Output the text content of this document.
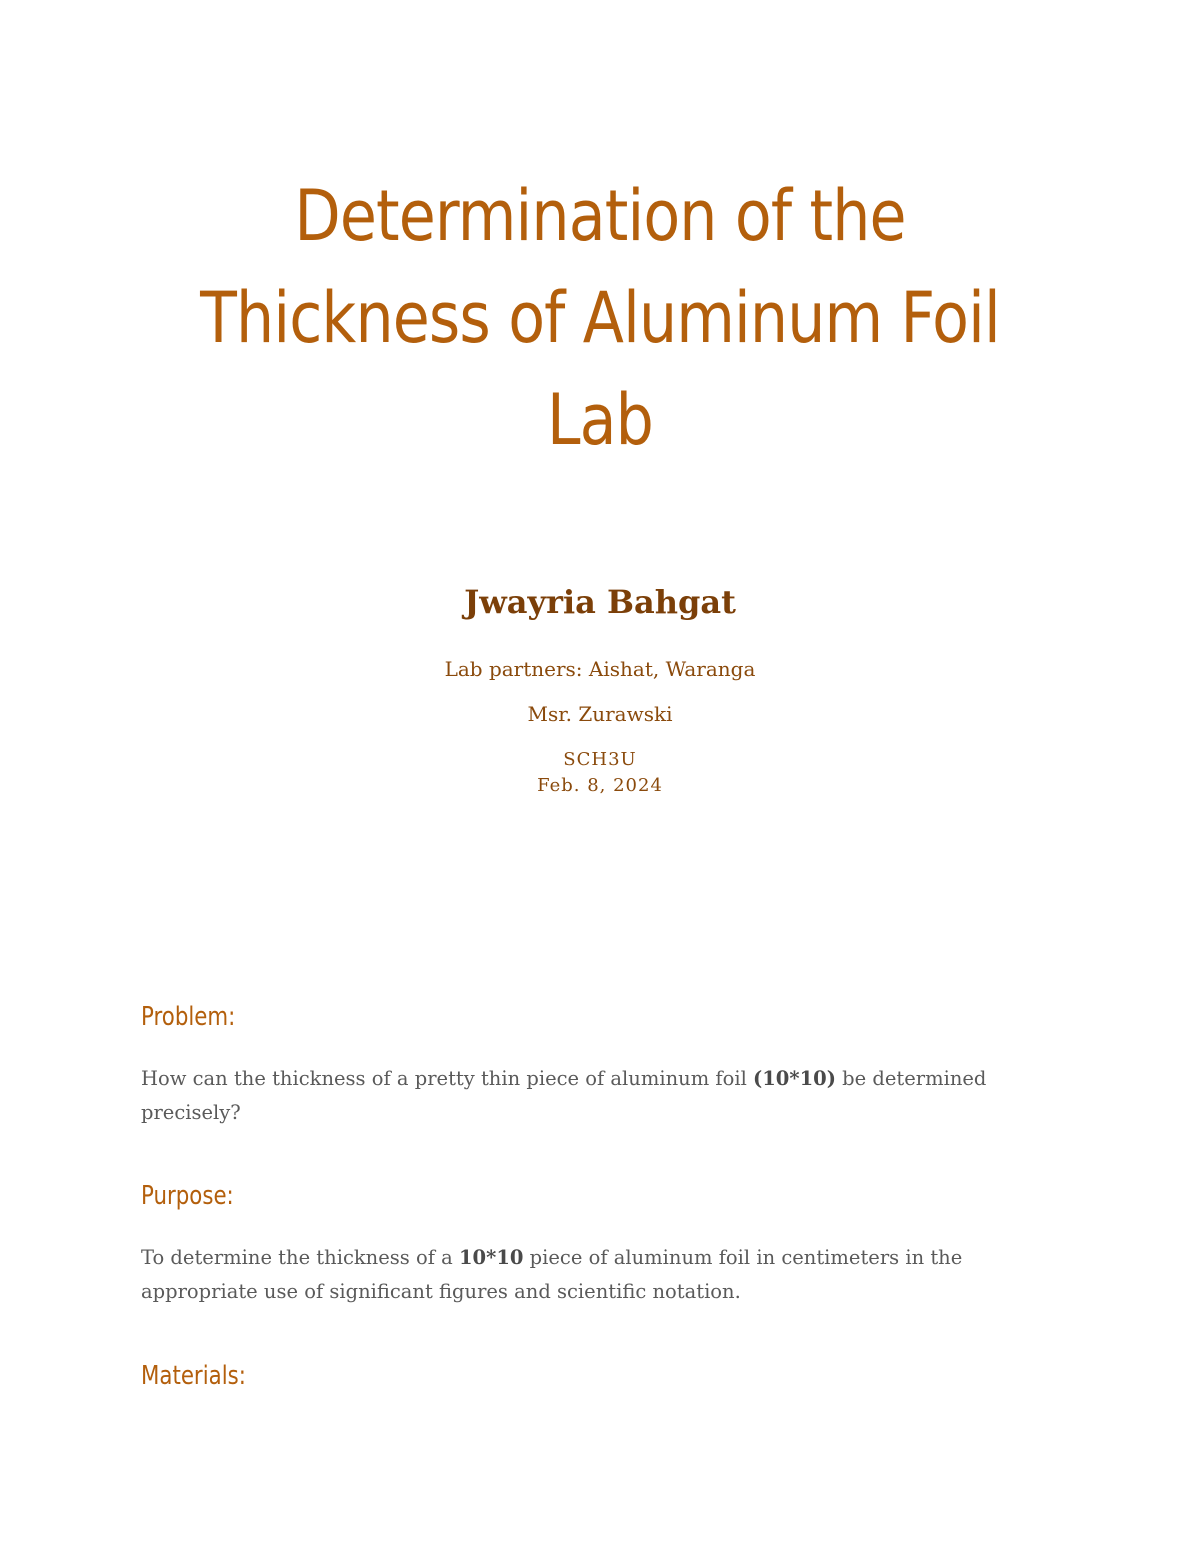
Determination of the
Thickness of Aluminum Foil
Lab
Jwayria Bahgat
Lab partners: Aishat, Waranga
Msr. Zurawski
SCH3U
Feb. 8, 2024
Problem:

How can the thickness of a pretty thin piece of aluminum foil (10*10) be determined precisely?

Purpose:

To determine the thickness of a 10*10 piece of aluminum foil in centimeters in the appropriate use of significant figures and scientific notation.

Materials:
